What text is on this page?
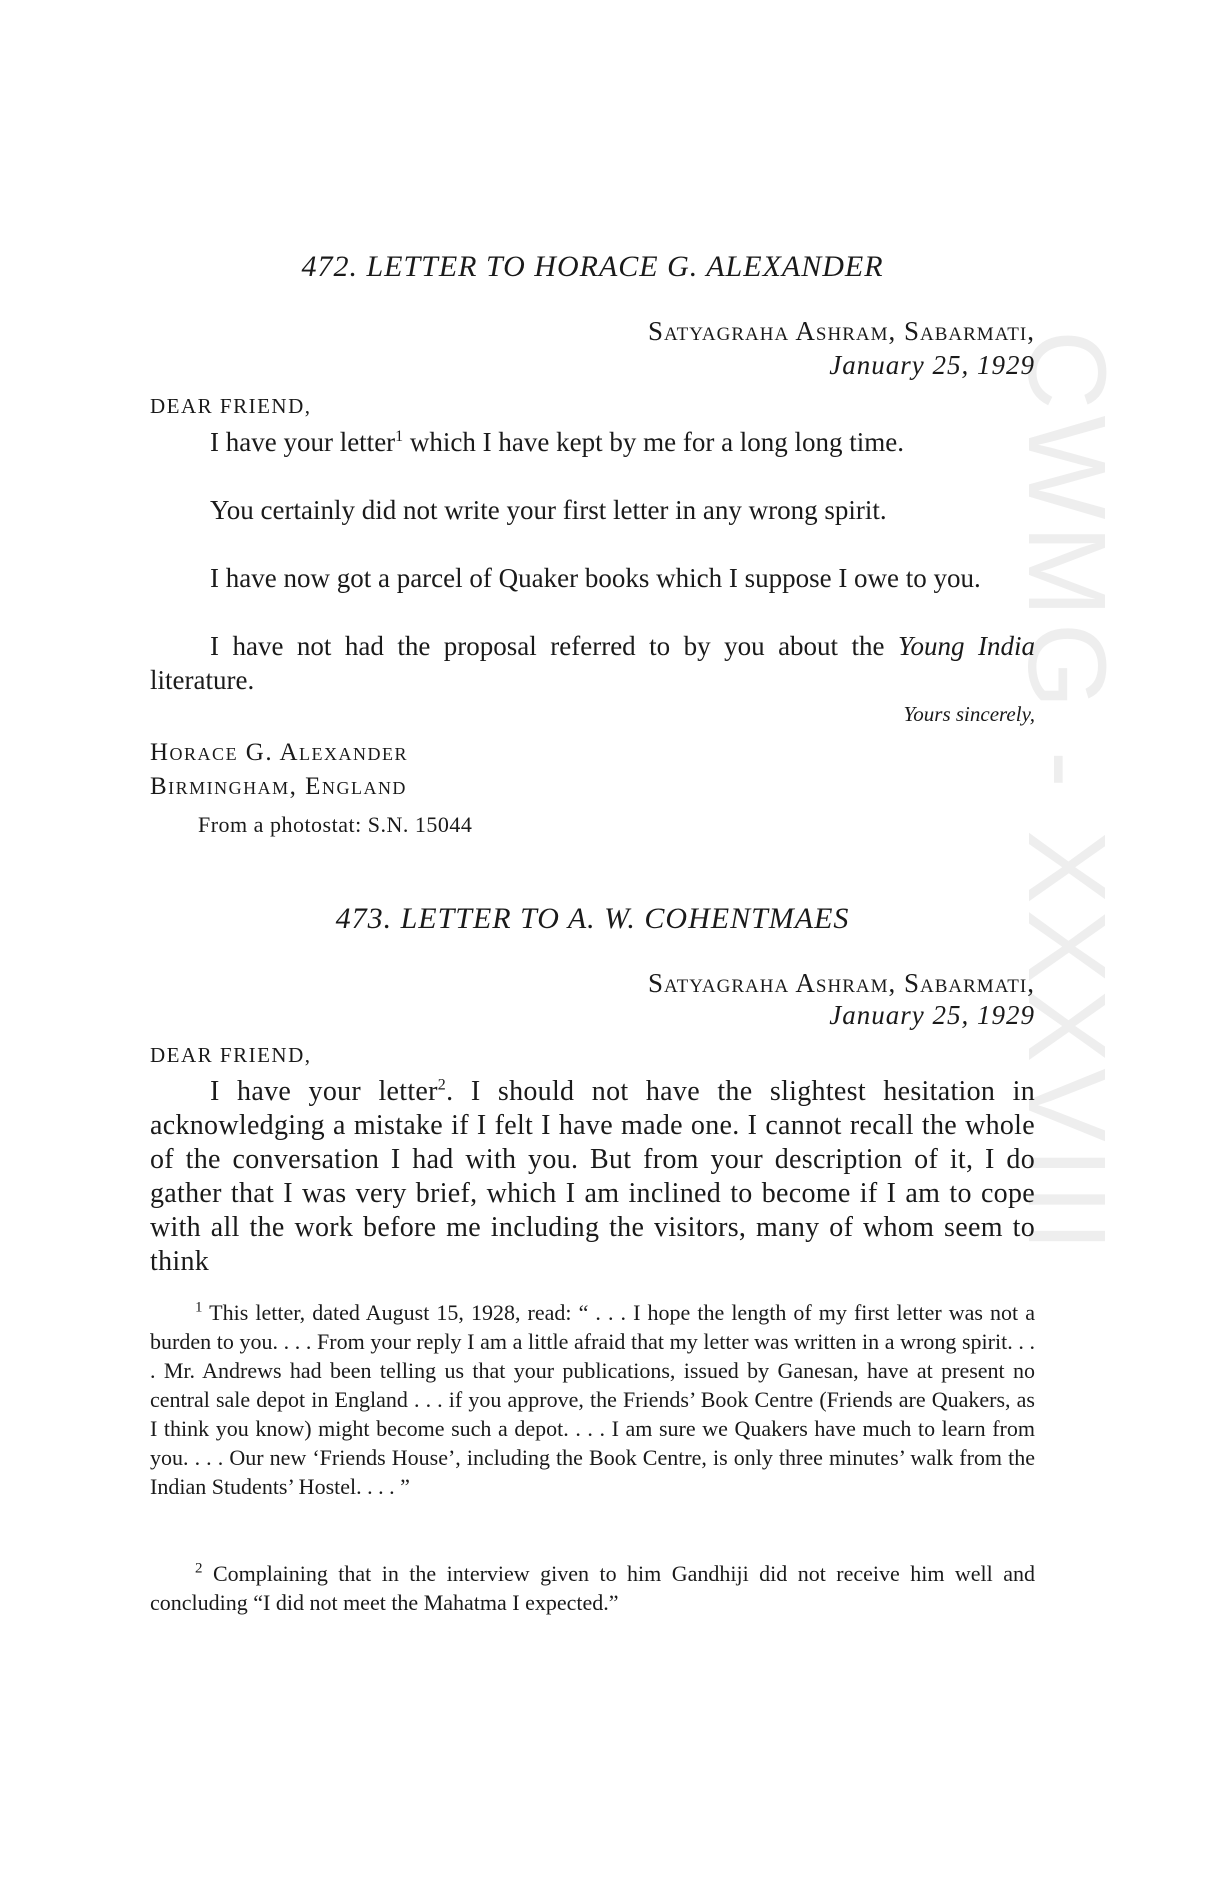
CWMG - XXXVIII
472. LETTER TO HORACE G. ALEXANDER
Satyagraha Ashram, Sabarmati,
January 25, 1929
DEAR FRIEND,

I have your letter$^1$ which I have kept by me for a long long time.

You certainly did not write your first letter in any wrong spirit.

I have now got a parcel of Quaker books which I suppose I owe to you.

I have not had the proposal referred to by you about the Young India literature.

Yours sincerely,
Horace G. Alexander
Birmingham, England
From a photostat: S.N. 15044
473. LETTER TO A. W. COHENTMAES
Satyagraha Ashram, Sabarmati,
January 25, 1929
DEAR FRIEND,

I have your letter$^2$. I should not have the slightest hesitation in acknowledging a mistake if I felt I have made one. I cannot recall the whole of the conversation I had with you. But from your description of it, I do gather that I was very brief, which I am inclined to become if I am to cope with all the work before me including the visitors, many of whom seem to think

$^1$ This letter, dated August 15, 1928, read: “ . . . I hope the length of my first letter was not a burden to you. . . . From your reply I am a little afraid that my letter was written in a wrong spirit. . . . Mr. Andrews had been telling us that your publications, issued by Ganesan, have at present no central sale depot in England . . . if you approve, the Friends’ Book Centre (Friends are Quakers, as I think you know) might become such a depot. . . . I am sure we Quakers have much to learn from you. . . . Our new ‘Friends House’, including the Book Centre, is only three minutes’ walk from the Indian Students’ Hostel. . . . ”

$^2$ Complaining that in the interview given to him Gandhiji did not receive him well and concluding “I did not meet the Mahatma I expected.”
